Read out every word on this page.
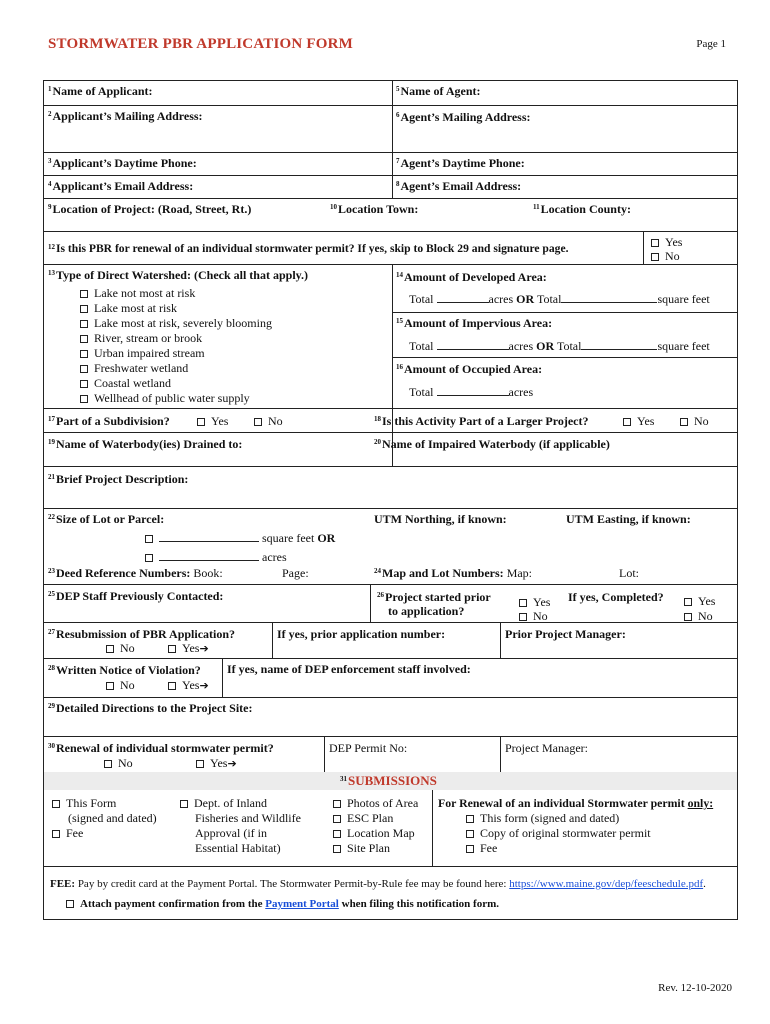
STORMWATER PBR APPLICATION FORM	Page 1
$^1$Name of Applicant:
$^2$Applicant’s Mailing Address:
$^3$Applicant’s Daytime Phone:
$^4$Applicant’s Email Address:
$^5$Name of Agent:
$^6$Agent’s Mailing Address:
$^7$Agent’s Daytime Phone:
$^8$Agent’s Email Address:
$^9$Location of Project: (Road, Street, Rt.)	$^{10}$Location Town:	$^{11}$Location County:
$^{12}$Is this PBR for renewal of an individual stormwater permit? If yes, skip to Block 29 and signature page.	Yes
No
$^{13}$Type of Direct Watershed: (Check all that apply.)
Lake not most at risk
Lake most at risk
Lake most at risk, severely blooming
River, stream or brook
Urban impaired stream
Freshwater wetland
Coastal wetland
Wellhead of public water supply
$^{14}$Amount of Developed Area:
Total	acres OR Total	square feet
$^{15}$Amount of Impervious Area:
Total	acres OR Total	square feet
$^{16}$Amount of Occupied Area:
Total	acres
$^{17}$Part of a Subdivision?	Yes	No	$^{18}$Is this Activity Part of a Larger Project?	Yes	No
$^{19}$Name of Waterbody(ies) Drained to:	$^{20}$Name of Impaired Waterbody (if applicable)
$^{21}$Brief Project Description:
$^{22}$Size of Lot or Parcel:	UTM Northing, if known:	UTM Easting, if known:
square feet OR
acres
$^{23}$Deed Reference Numbers: Book:	Page:	$^{24}$Map and Lot Numbers: Map:	Lot:
$^{25}$DEP Staff Previously Contacted:	$^{26}$Project started prior
to application?
Yes
No
If yes, Completed?	Yes
No
$^{27}$Resubmission of PBR Application?
No	Yes➔
If yes, prior application number:	Prior Project Manager:
$^{28}$Written Notice of Violation?
No	Yes➔
If yes, name of DEP enforcement staff involved:
$^{29}$Detailed Directions to the Project Site:
$^{30}$Renewal of individual stormwater permit?
No	Yes➔
DEP Permit No:	Project Manager:
$^{31}$SUBMISSIONS
This Form
(signed and dated)
Fee
Dept. of Inland
Fisheries and Wildlife
Approval (if in
Essential Habitat)
Photos of Area
ESC Plan
Location Map
Site Plan
For Renewal of an individual Stormwater permit only:
This form (signed and dated)
Copy of original stormwater permit
Fee
FEE: Pay by credit card at the Payment Portal. The Stormwater Permit-by-Rule fee may be found here: https://www.maine.gov/dep/feeschedule.pdf.
Attach payment confirmation from the Payment Portal when filing this notification form.
Rev. 12-10-2020
